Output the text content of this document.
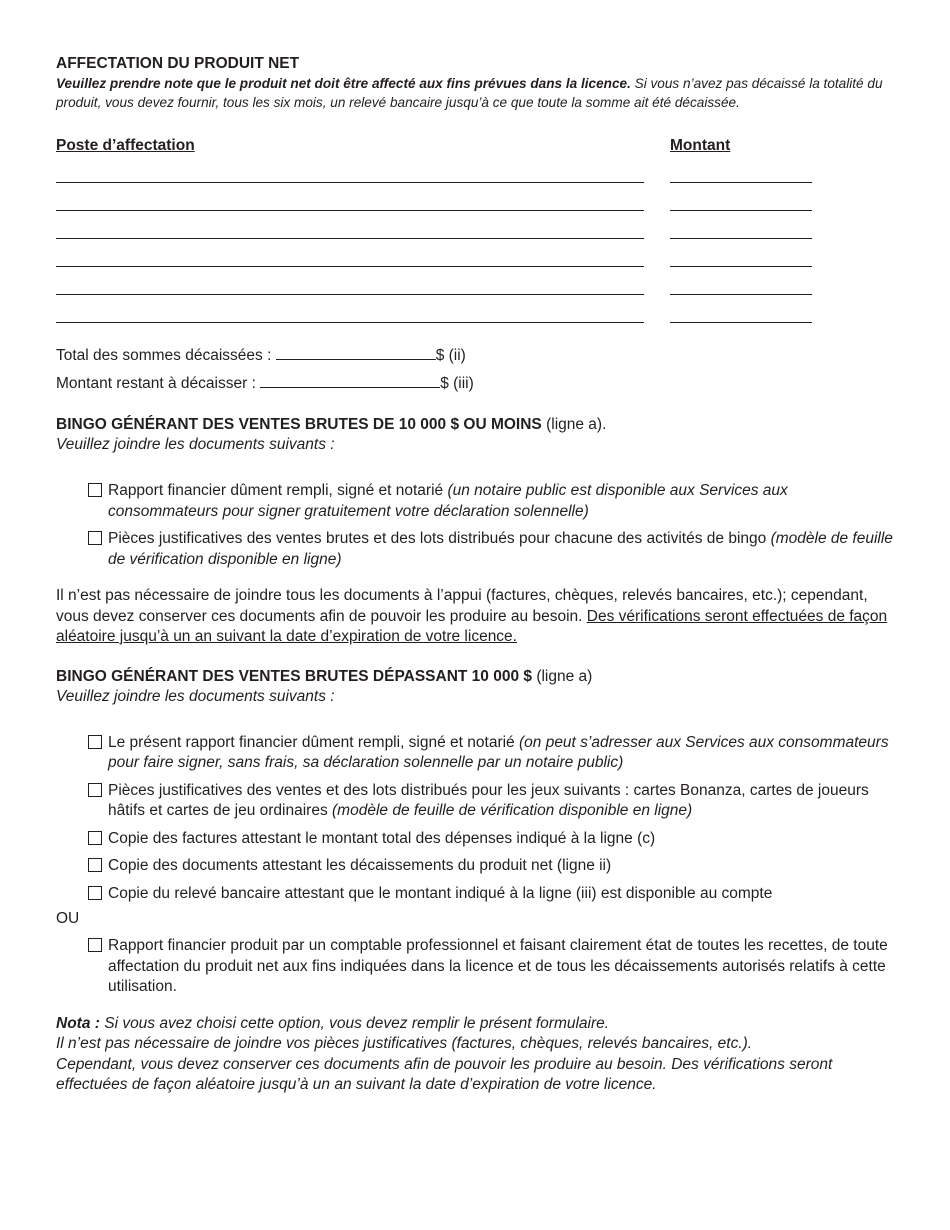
AFFECTATION DU PRODUIT NET

Veuillez prendre note que le produit net doit être affecté aux fins prévues dans la licence. Si vous n’avez pas décaissé la totalité du produit, vous devez fournir, tous les six mois, un relevé bancaire jusqu’à ce que toute la somme ait été décaissée.

Poste d’affectation	Montant
Total des sommes décaissées :
	$ (ii)
Montant restant à décaisser :
	$ (iii)
BINGO GÉNÉRANT DES VENTES BRUTES DE 10 000 $ OU MOINS (ligne a).
Veuillez joindre les documents suivants :
Rapport financier dûment rempli, signé et notarié (un notaire public est disponible aux Services aux consommateurs pour signer gratuitement votre déclaration solennelle)
Pièces justificatives des ventes brutes et des lots distribués pour chacune des activités de bingo (modèle de feuille de vérification disponible en ligne)
Il n’est pas nécessaire de joindre tous les documents à l’appui (factures, chèques, relevés bancaires, etc.); cependant, vous devez conserver ces documents afin de pouvoir les produire au besoin. Des vérifications seront effectuées de façon aléatoire jusqu’à un an suivant la date d’expiration de votre licence.
BINGO GÉNÉRANT DES VENTES BRUTES DÉPASSANT 10 000 $ (ligne a)
Veuillez joindre les documents suivants :
Le présent rapport financier dûment rempli, signé et notarié (on peut s’adresser aux Services aux consommateurs pour faire signer, sans frais, sa déclaration solennelle par un notaire public)
Pièces justificatives des ventes et des lots distribués pour les jeux suivants : cartes Bonanza, cartes de joueurs hâtifs et cartes de jeu ordinaires (modèle de feuille de vérification disponible en ligne)
Copie des factures attestant le montant total des dépenses indiqué à la ligne (c)
Copie des documents attestant les décaissements du produit net (ligne ii)
Copie du relevé bancaire attestant que le montant indiqué à la ligne (iii) est disponible au compte
OU
Rapport financier produit par un comptable professionnel et faisant clairement état de toutes les recettes, de toute affectation du produit net aux fins indiquées dans la licence et de tous les décaissements autorisés relatifs à cette utilisation.
Nota : Si vous avez choisi cette option, vous devez remplir le présent formulaire.
Il n’est pas nécessaire de joindre vos pièces justificatives (factures, chèques, relevés bancaires, etc.).
Cependant, vous devez conserver ces documents afin de pouvoir les produire au besoin. Des vérifications seront effectuées de façon aléatoire jusqu’à un an suivant la date d’expiration de votre licence.
